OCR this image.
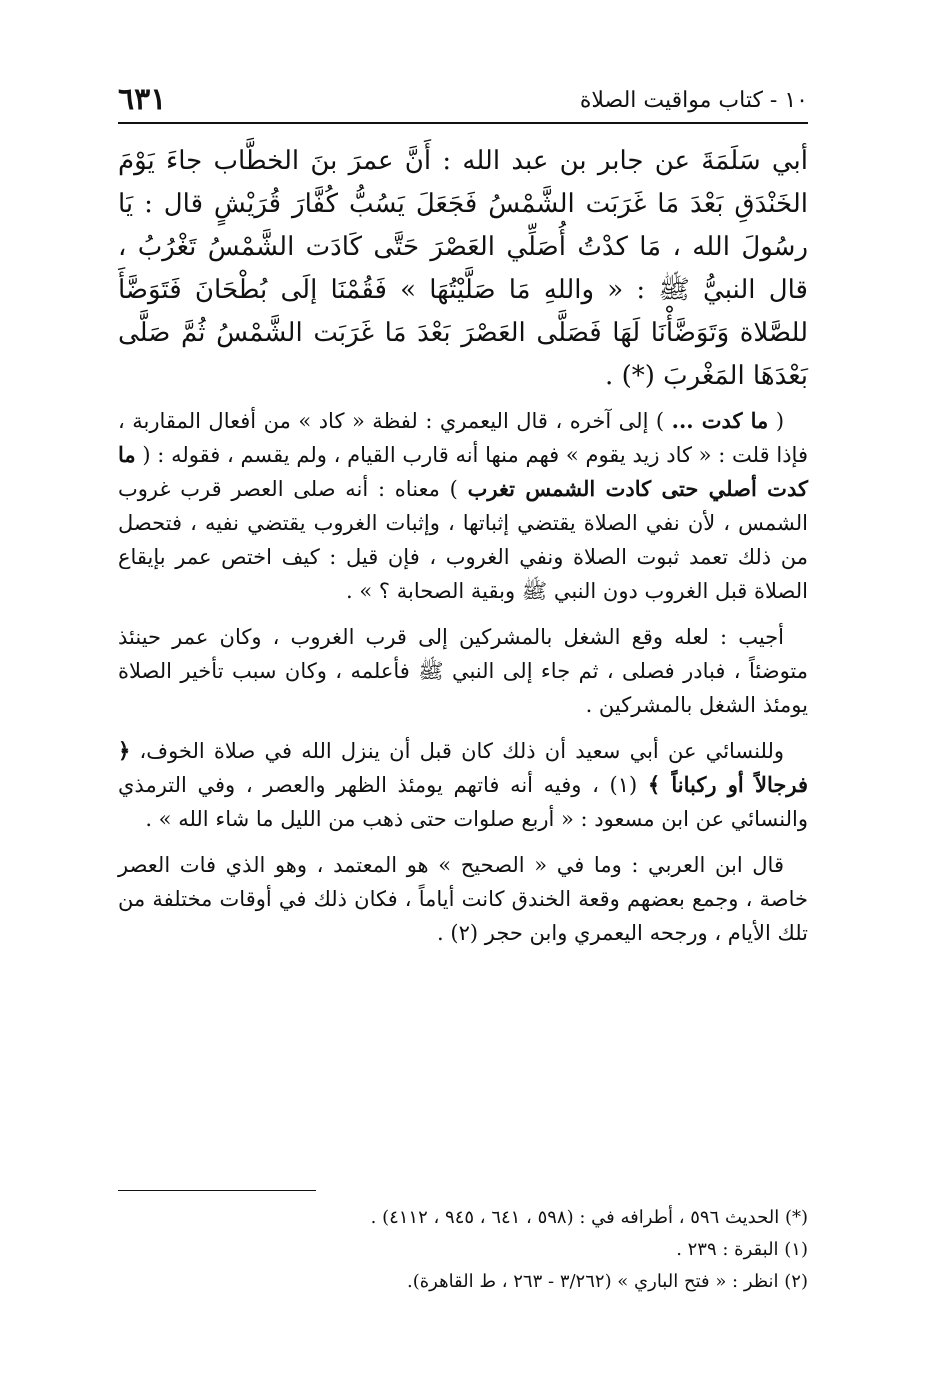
٦٣١	١٠ - كتاب مواقيت الصلاة

أبي سَلَمَةَ عن جابر بن عبد الله : أَنَّ عمرَ بنَ الخطَّاب جاءَ يَوْمَ الخَنْدَقِ بَعْدَ مَا غَرَبَت الشَّمْسُ فَجَعَلَ يَسُبُّ كُفَّارَ قُرَيْشٍ قال : يَا رسُولَ الله ، مَا كدْتُ أُصَلِّي العَصْرَ حَتَّى كَادَت الشَّمْسُ تَغْرُبُ ، قال النبيُّ ﷺ : « واللهِ مَا صَلَّيْتُهَا » فَقُمْنَا إلَى بُطْحَانَ فَتَوَضَّأَ للصَّلاة وَتَوَضَّأْنَا لَهَا فَصَلَّى العَصْرَ بَعْدَ مَا غَرَبَت الشَّمْسُ ثُمَّ صَلَّى بَعْدَهَا المَغْربَ (*) .

( ما كدت ... ) إلى آخره ، قال اليعمري : لفظة « كاد » من أفعال المقاربة ، فإذا قلت : « كاد زيد يقوم » فهم منها أنه قارب القيام ، ولم يقسم ، فقوله : ( ما كدت أصلي حتى كادت الشمس تغرب ) معناه : أنه صلى العصر قرب غروب الشمس ، لأن نفي الصلاة يقتضي إثباتها ، وإثبات الغروب يقتضي نفيه ، فتحصل من ذلك تعمد ثبوت الصلاة ونفي الغروب ، فإن قيل : كيف اختص عمر بإيقاع الصلاة قبل الغروب دون النبي ﷺ وبقية الصحابة ؟ » .

أجيب : لعله وقع الشغل بالمشركين إلى قرب الغروب ، وكان عمر حينئذ متوضئاً ، فبادر فصلى ، ثم جاء إلى النبي ﷺ فأعلمه ، وكان سبب تأخير الصلاة يومئذ الشغل بالمشركين .

وللنسائي عن أبي سعيد أن ذلك كان قبل أن ينزل الله في صلاة الخوف، ﴿ فرجالاً أو ركباناً ﴾ (١) ، وفيه أنه فاتهم يومئذ الظهر والعصر ، وفي الترمذي والنسائي عن ابن مسعود : « أربع صلوات حتى ذهب من الليل ما شاء الله » .

قال ابن العربي : وما في « الصحيح » هو المعتمد ، وهو الذي فات العصر خاصة ، وجمع بعضهم وقعة الخندق كانت أياماً ، فكان ذلك في أوقات مختلفة من تلك الأيام ، ورجحه اليعمري وابن حجر (٢) .

(*) الحديث ٥٩٦ ، أطرافه في : (٥٩٨ ، ٦٤١ ، ٩٤٥ ، ٤١١٢) .
(١) البقرة : ٢٣٩ .
(٢) انظر : « فتح الباري » (٣/٢٦٢ - ٢٦٣ ، ط القاهرة).
